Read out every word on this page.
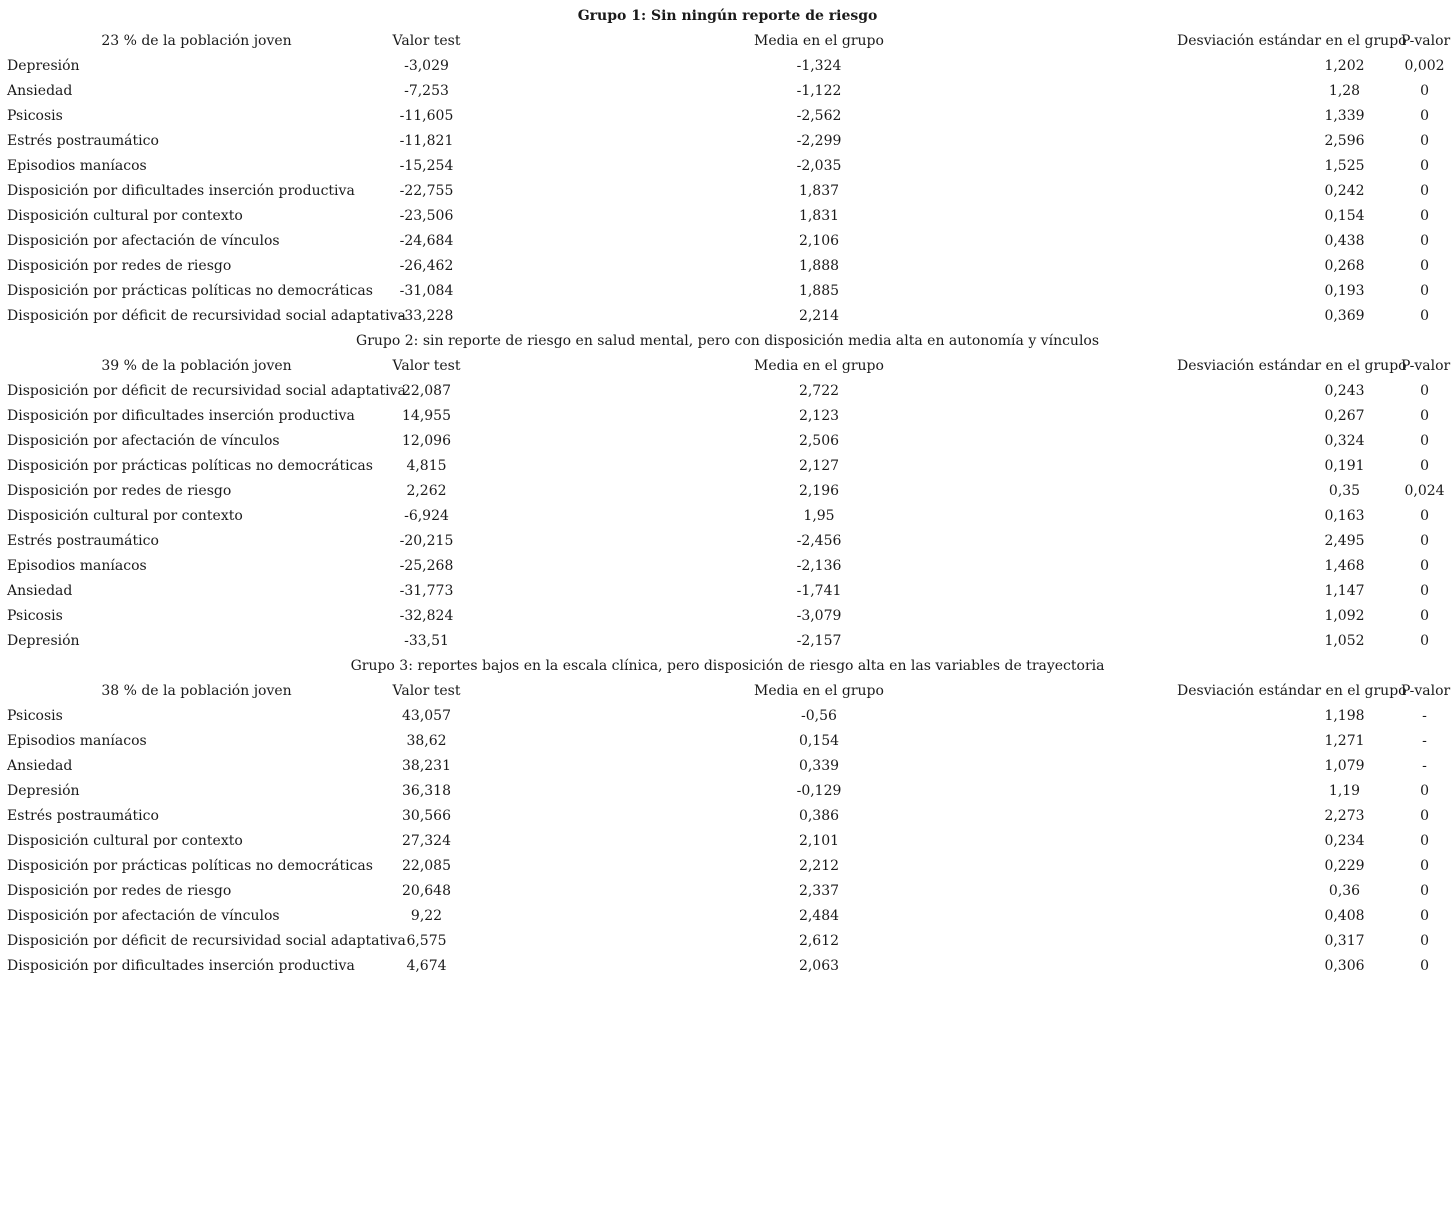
Grupo 1: Sin ningún reporte de riesgo				
23 % de la población joven	Valor test	Media en el grupo	Desviación estándar en el grupo	P-valor
Depresión	-3,029	-1,324	1,202	0,002
Ansiedad	-7,253	-1,122	1,28	0
Psicosis	-11,605	-2,562	1,339	0
Estrés postraumático	-11,821	-2,299	2,596	0
Episodios maníacos	-15,254	-2,035	1,525	0
Disposición por dificultades inserción productiva	-22,755	1,837	0,242	0
Disposición cultural por contexto	-23,506	1,831	0,154	0
Disposición por afectación de vínculos	-24,684	2,106	0,438	0
Disposición por redes de riesgo	-26,462	1,888	0,268	0
Disposición por prácticas políticas no democráticas	-31,084	1,885	0,193	0
Disposición por déficit de recursividad social adaptativa	-33,228	2,214	0,369	0
Grupo 2: sin reporte de riesgo en salud mental, pero con disposición media alta en autonomía y vínculos				
39 % de la población joven	Valor test	Media en el grupo	Desviación estándar en el grupo	P-valor
Disposición por déficit de recursividad social adaptativa	22,087	2,722	0,243	0
Disposición por dificultades inserción productiva	14,955	2,123	0,267	0
Disposición por afectación de vínculos	12,096	2,506	0,324	0
Disposición por prácticas políticas no democráticas	4,815	2,127	0,191	0
Disposición por redes de riesgo	2,262	2,196	0,35	0,024
Disposición cultural por contexto	-6,924	1,95	0,163	0
Estrés postraumático	-20,215	-2,456	2,495	0
Episodios maníacos	-25,268	-2,136	1,468	0
Ansiedad	-31,773	-1,741	1,147	0
Psicosis	-32,824	-3,079	1,092	0
Depresión	-33,51	-2,157	1,052	0
Grupo 3: reportes bajos en la escala clínica, pero disposición de riesgo alta en las variables de trayectoria				
38 % de la población joven	Valor test	Media en el grupo	Desviación estándar en el grupo	P-valor
Psicosis	43,057	-0,56	1,198	-
Episodios maníacos	38,62	0,154	1,271	-
Ansiedad	38,231	0,339	1,079	-
Depresión	36,318	-0,129	1,19	0
Estrés postraumático	30,566	0,386	2,273	0
Disposición cultural por contexto	27,324	2,101	0,234	0
Disposición por prácticas políticas no democráticas	22,085	2,212	0,229	0
Disposición por redes de riesgo	20,648	2,337	0,36	0
Disposición por afectación de vínculos	9,22	2,484	0,408	0
Disposición por déficit de recursividad social adaptativa	6,575	2,612	0,317	0
Disposición por dificultades inserción productiva	4,674	2,063	0,306	0
